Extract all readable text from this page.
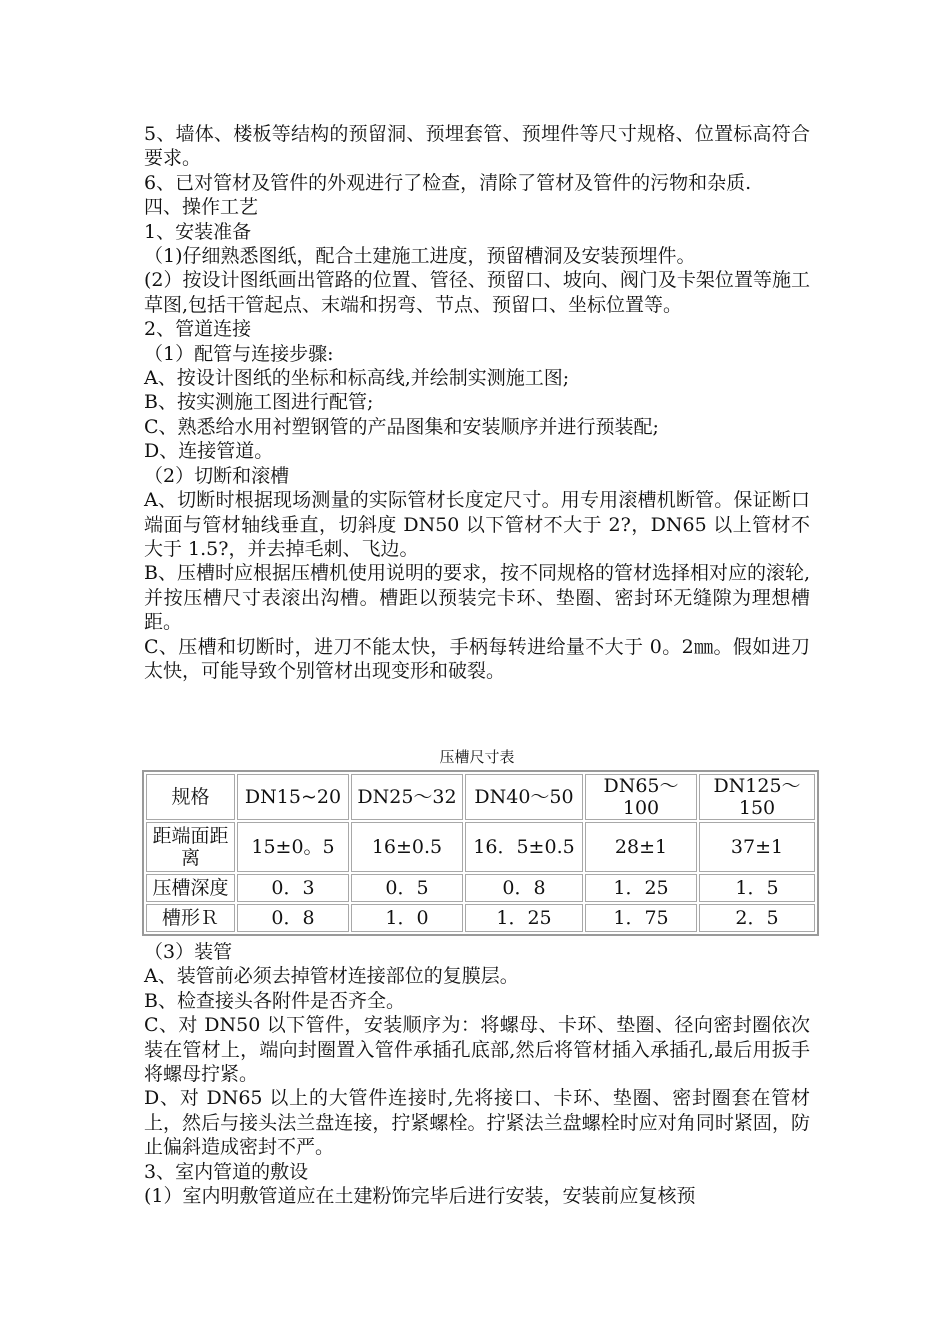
5、墙体、楼板等结构的预留洞、预埋套管、预埋件等尺寸规格、位置标高符合要求。

6、已对管材及管件的外观进行了检查，清除了管材及管件的污物和杂质.

四、操作工艺

1、安装准备

（1)仔细熟悉图纸，配合土建施工进度，预留槽洞及安装预埋件。

(2）按设计图纸画出管路的位置、管径、预留口、坡向、阀门及卡架位置等施工草图,包括干管起点、末端和拐弯、节点、预留口、坐标位置等。

2、管道连接

（1）配管与连接步骤:

A、按设计图纸的坐标和标高线,并绘制实测施工图;

B、按实测施工图进行配管;

C、熟悉给水用衬塑钢管的产品图集和安装顺序并进行预装配;

D、连接管道。

（2）切断和滚槽

A、切断时根据现场测量的实际管材长度定尺寸。用专用滚槽机断管。保证断口端面与管材轴线垂直，切斜度 DN50 以下管材不大于 2?，DN65 以上管材不大于 1.5?，并去掉毛刺、飞边。

B、压槽时应根据压槽机使用说明的要求，按不同规格的管材选择相对应的滚轮,并按压槽尺寸表滚出沟槽。槽距以预装完卡环、垫圈、密封环无缝隙为理想槽距。

C、压槽和切断时，进刀不能太快，手柄每转进给量不大于 0。2㎜。假如进刀太快，可能导致个别管材出现变形和破裂。

压槽尺寸表
规格	DN15~20	DN25～32	DN40～50	DN65～100	DN125～150
距端面距离	15±0。5	16±0.5	16．5±0.5	28±1	37±1
压槽深度	0．3	0．5	0．8	1．25	1．5
槽形Ｒ	0．8	1．0	1．25	1．75	2．5

（3）装管

A、装管前必须去掉管材连接部位的复膜层。

B、检查接头各附件是否齐全。

C、对 DN50 以下管件，安装顺序为：将螺母、卡环、垫圈、径向密封圈依次装在管材上，端向封圈置入管件承插孔底部,然后将管材插入承插孔,最后用扳手将螺母拧紧。

D、对 DN65 以上的大管件连接时,先将接口、卡环、垫圈、密封圈套在管材上，然后与接头法兰盘连接，拧紧螺栓。拧紧法兰盘螺栓时应对角同时紧固，防止偏斜造成密封不严。

3、室内管道的敷设

(1）室内明敷管道应在土建粉饰完毕后进行安装，安装前应复核预
